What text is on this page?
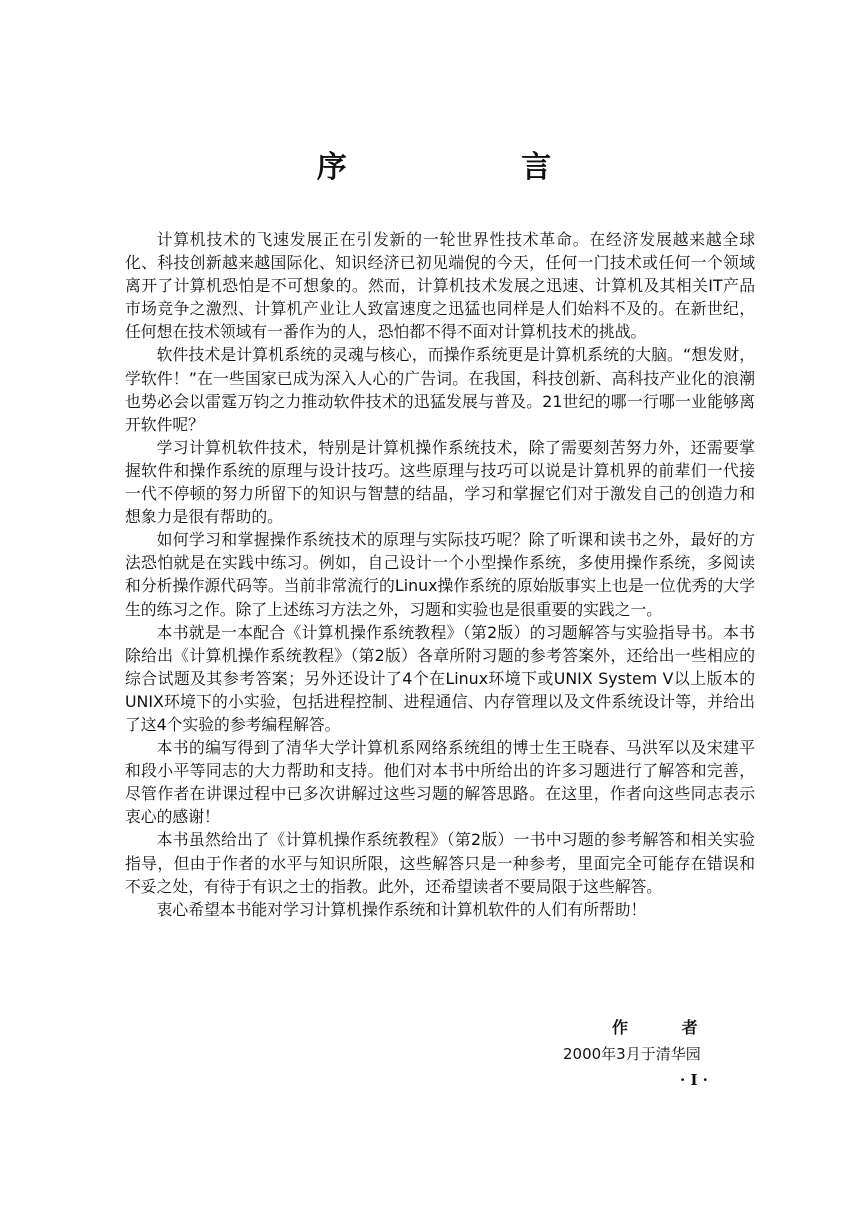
序 言

计算机技术的飞速发展正在引发新的一轮世界性技术革命。在经济发展越来越全球化、科技创新越来越国际化、知识经济已初见端倪的今天，任何一门技术或任何一个领域离开了计算机恐怕是不可想象的。然而，计算机技术发展之迅速、计算机及其相关IT产品市场竞争之激烈、计算机产业让人致富速度之迅猛也同样是人们始料不及的。在新世纪，任何想在技术领域有一番作为的人，恐怕都不得不面对计算机技术的挑战。

软件技术是计算机系统的灵魂与核心，而操作系统更是计算机系统的大脑。“想发财，学软件！”在一些国家已成为深入人心的广告词。在我国，科技创新、高科技产业化的浪潮也势必会以雷霆万钧之力推动软件技术的迅猛发展与普及。21世纪的哪一行哪一业能够离开软件呢？

学习计算机软件技术，特别是计算机操作系统技术，除了需要刻苦努力外，还需要掌握软件和操作系统的原理与设计技巧。这些原理与技巧可以说是计算机界的前辈们一代接一代不停顿的努力所留下的知识与智慧的结晶，学习和掌握它们对于激发自己的创造力和想象力是很有帮助的。

如何学习和掌握操作系统技术的原理与实际技巧呢？除了听课和读书之外，最好的方法恐怕就是在实践中练习。例如，自己设计一个小型操作系统，多使用操作系统，多阅读和分析操作源代码等。当前非常流行的Linux操作系统的原始版事实上也是一位优秀的大学生的练习之作。除了上述练习方法之外，习题和实验也是很重要的实践之一。

本书就是一本配合《计算机操作系统教程》（第2版）的习题解答与实验指导书。本书除给出《计算机操作系统教程》（第2版）各章所附习题的参考答案外，还给出一些相应的综合试题及其参考答案；另外还设计了4个在Linux环境下或UNIX System Ⅴ以上版本的UNIX环境下的小实验，包括进程控制、进程通信、内存管理以及文件系统设计等，并给出了这4个实验的参考编程解答。

本书的编写得到了清华大学计算机系网络系统组的博士生王晓春、马洪军以及宋建平和段小平等同志的大力帮助和支持。他们对本书中所给出的许多习题进行了解答和完善，尽管作者在讲课过程中已多次讲解过这些习题的解答思路。在这里，作者向这些同志表示衷心的感谢！

本书虽然给出了《计算机操作系统教程》（第2版）一书中习题的参考解答和相关实验指导，但由于作者的水平与知识所限，这些解答只是一种参考，里面完全可能存在错误和不妥之处，有待于有识之士的指教。此外，还希望读者不要局限于这些解答。

衷心希望本书能对学习计算机操作系统和计算机软件的人们有所帮助！

作 者
2000年3月于清华园
· I ·
